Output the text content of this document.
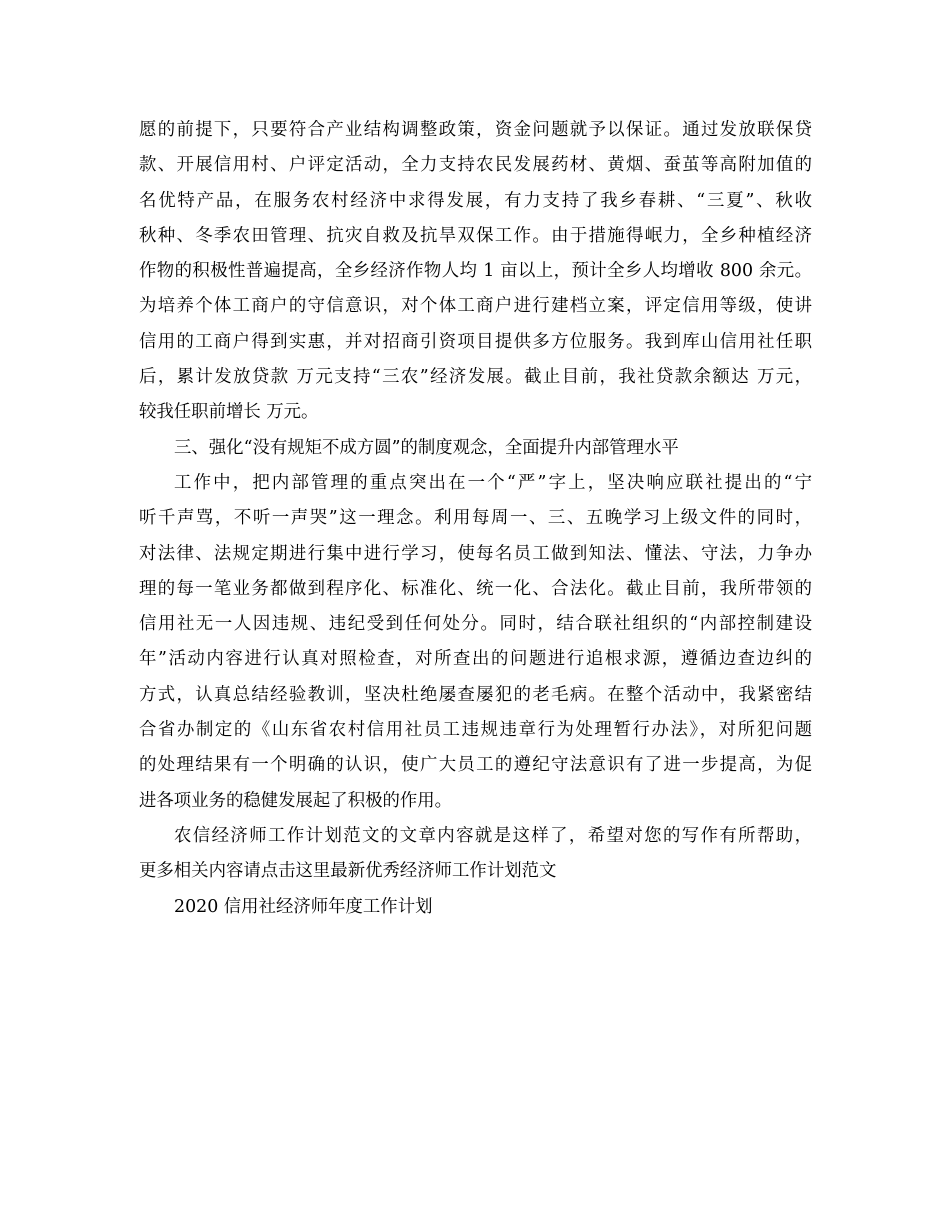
愿的前提下，只要符合产业结构调整政策，资金问题就予以保证。通过发放联保贷
款、开展信用村、户评定活动，全力支持农民发展药材、黄烟、蚕茧等高附加值的
名优特产品，在服务农村经济中求得发展，有力支持了我乡春耕、“三夏”、秋收
秋种、冬季农田管理、抗灾自救及抗旱双保工作。由于措施得岷力，全乡种植经济
作物的积极性普遍提高，全乡经济作物人均 1 亩以上，预计全乡人均增收 800 余元。
为培养个体工商户的守信意识，对个体工商户进行建档立案，评定信用等级，使讲
信用的工商户得到实惠，并对招商引资项目提供多方位服务。我到库山信用社任职
后，累计发放贷款 万元支持“三农”经济发展。截止目前，我社贷款余额达 万元，
较我任职前增长 万元。
三、强化“没有规矩不成方圆”的制度观念，全面提升内部管理水平
工作中，把内部管理的重点突出在一个“严”字上，坚决响应联社提出的“宁
听千声骂，不听一声哭”这一理念。利用每周一、三、五晚学习上级文件的同时，
对法律、法规定期进行集中进行学习，使每名员工做到知法、懂法、守法，力争办
理的每一笔业务都做到程序化、标准化、统一化、合法化。截止目前，我所带领的
信用社无一人因违规、违纪受到任何处分。同时，结合联社组织的“内部控制建设
年”活动内容进行认真对照检查，对所查出的问题进行追根求源，遵循边查边纠的
方式，认真总结经验教训，坚决杜绝屡查屡犯的老毛病。在整个活动中，我紧密结
合省办制定的《山东省农村信用社员工违规违章行为处理暂行办法》，对所犯问题
的处理结果有一个明确的认识，使广大员工的遵纪守法意识有了进一步提高，为促
进各项业务的稳健发展起了积极的作用。
农信经济师工作计划范文的文章内容就是这样了，希望对您的写作有所帮助，
更多相关内容请点击这里最新优秀经济师工作计划范文
2020 信用社经济师年度工作计划
